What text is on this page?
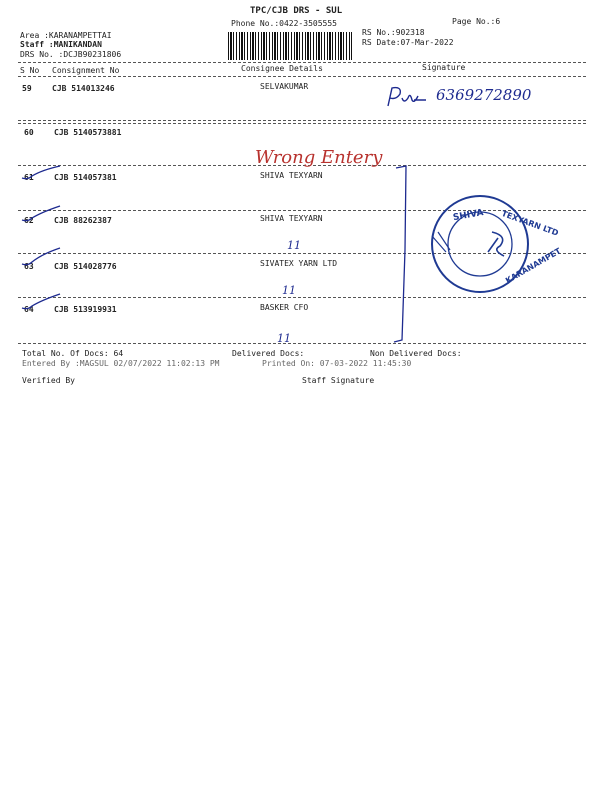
TPC/CJB DRS - SUL
Phone No.:0422-3505555	Page No.:6
Area :KARANAMPETTAI
Staff :MANIKANDAN
DRS No. :DCJB90231806
RS No.:902318
RS Date:07-Mar-2022
S No Consignment No	Consignee Details	Signature
59	CJB 514013246	SELVAKUMAR
60	CJB 5140573881
61	CJB 514057381	SHIVA TEXYARN
62	CJB 88262387	SHIVA TEXYARN
63	CJB 514028776	SIVATEX YARN LTD
64	CJB 513919931	BASKER CFO
6369272890
Wrong Entery
11
11
11
SHIVA TEXYARN LTD
KARANAMPET
Total No. Of Docs: 64	Delivered Docs:	Non Delivered Docs:
Entered By :MAGSUL 02/07/2022 11:02:13 PM	Printed On: 07-03-2022 11:45:30
Verified By	Staff Signature
